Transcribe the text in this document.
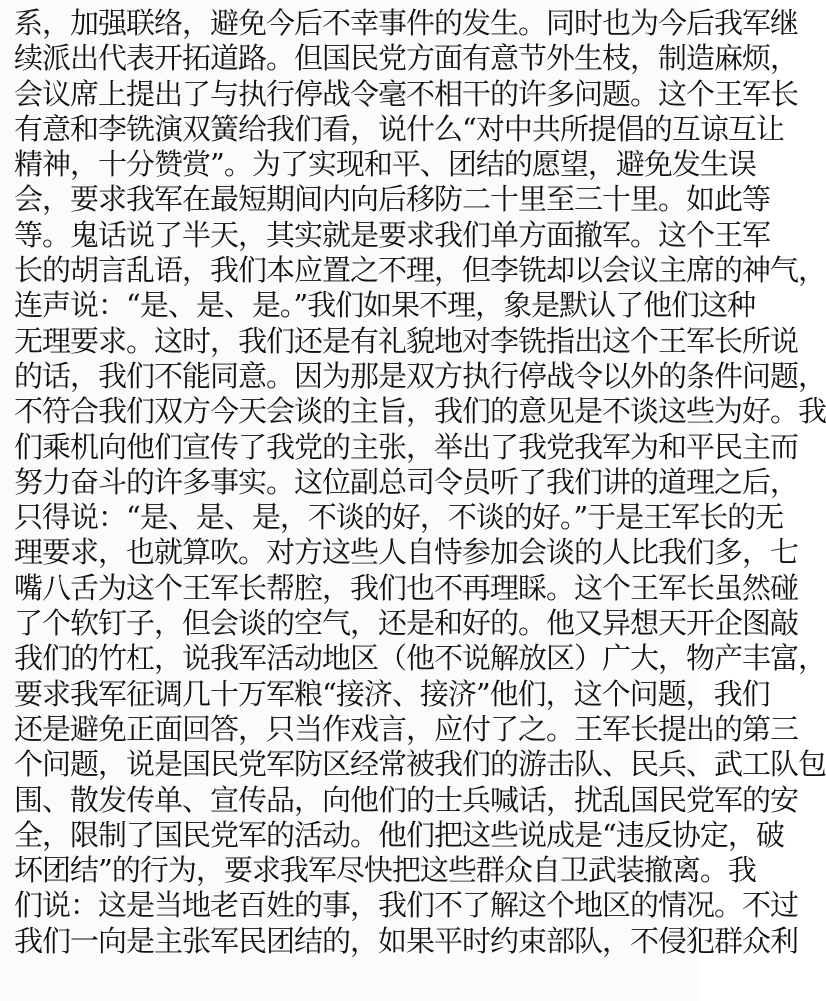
系，加强联络，避免今后不幸事件的发生。同时也为今后我军继
续派出代表开拓道路。但国民党方面有意节外生枝，制造麻烦，
会议席上提出了与执行停战令毫不相干的许多问题。这个王军长
有意和李铣演双簧给我们看，说什么“对中共所提倡的互谅互让
精神，十分赞赏”。为了实现和平、团结的愿望，避免发生误
会，要求我军在最短期间内向后移防二十里至三十里。如此等
等。鬼话说了半天，其实就是要求我们单方面撤军。这个王军
长的胡言乱语，我们本应置之不理，但李铣却以会议主席的神气，
连声说：“是、是、是。”我们如果不理，象是默认了他们这种
无理要求。这时，我们还是有礼貌地对李铣指出这个王军长所说
的话，我们不能同意。因为那是双方执行停战令以外的条件问题，
不符合我们双方今天会谈的主旨，我们的意见是不谈这些为好。我
们乘机向他们宣传了我党的主张，举出了我党我军为和平民主而
努力奋斗的许多事实。这位副总司令员听了我们讲的道理之后，
只得说：“是、是、是，不谈的好，不谈的好。”于是王军长的无
理要求，也就算吹。对方这些人自恃参加会谈的人比我们多，七
嘴八舌为这个王军长帮腔，我们也不再理睬。这个王军长虽然碰
了个软钉子，但会谈的空气，还是和好的。他又异想天开企图敲
我们的竹杠，说我军活动地区（他不说解放区）广大，物产丰富，
要求我军征调几十万军粮“接济、接济”他们，这个问题，我们
还是避免正面回答，只当作戏言，应付了之。王军长提出的第三
个问题，说是国民党军防区经常被我们的游击队、民兵、武工队包
围、散发传单、宣传品，向他们的士兵喊话，扰乱国民党军的安
全，限制了国民党军的活动。他们把这些说成是“违反协定，破
坏团结”的行为，要求我军尽快把这些群众自卫武装撤离。我
们说：这是当地老百姓的事，我们不了解这个地区的情况。不过
我们一向是主张军民团结的，如果平时约束部队，不侵犯群众利
